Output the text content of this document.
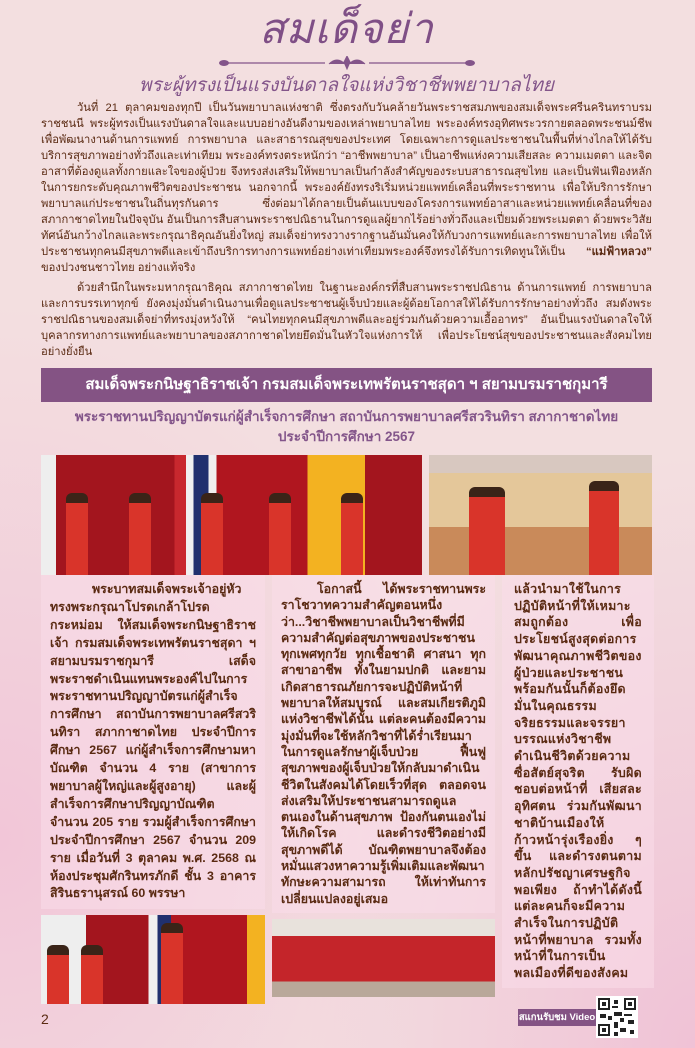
สมเด็จย่า
พระผู้ทรงเป็นแรงบันดาลใจแห่งวิชาชีพพยาบาลไทย

วันที่ 21 ตุลาคมของทุกปี เป็นวันพยาบาลแห่งชาติ ซึ่งตรงกับวันคล้ายวันพระราชสมภพของสมเด็จพระศรีนครินทราบรมราชชนนี พระผู้ทรงเป็นแรงบันดาลใจและแบบอย่างอันดีงามของเหล่าพยาบาลไทย พระองค์ทรงอุทิศพระวรกายตลอดพระชนม์ชีพ เพื่อพัฒนางานด้านการแพทย์ การพยาบาล และสาธารณสุขของประเทศ โดยเฉพาะการดูแลประชาชนในพื้นที่ห่างไกลให้ได้รับบริการสุขภาพอย่างทั่วถึงและเท่าเทียม พระองค์ทรงตระหนักว่า “อาชีพพยาบาล” เป็นอาชีพแห่งความเสียสละ ความเมตตา และจิตอาสาที่ต้องดูแลทั้งกายและใจของผู้ป่วย จึงทรงส่งเสริมให้พยาบาลเป็นกำลังสำคัญของระบบสาธารณสุขไทย และเป็นฟันเฟืองหลักในการยกระดับคุณภาพชีวิตของประชาชน นอกจากนี้ พระองค์ยังทรงริเริ่มหน่วยแพทย์เคลื่อนที่พระราชทาน เพื่อให้บริการรักษาพยาบาลแก่ประชาชนในถิ่นทุรกันดาร ซึ่งต่อมาได้กลายเป็นต้นแบบของโครงการแพทย์อาสาและหน่วยแพทย์เคลื่อนที่ของสภากาชาดไทยในปัจจุบัน อันเป็นการสืบสานพระราชปณิธานในการดูแลผู้ยากไร้อย่างทั่วถึงและเปี่ยมด้วยพระเมตตา ด้วยพระวิสัยทัศน์อันกว้างไกลและพระกรุณาธิคุณอันยิ่งใหญ่ สมเด็จย่าทรงวางรากฐานอันมั่นคงให้กับวงการแพทย์และการพยาบาลไทย เพื่อให้ประชาชนทุกคนมีสุขภาพดีและเข้าถึงบริการทางการแพทย์อย่างเท่าเทียมพระองค์จึงทรงได้รับการเทิดทูนให้เป็น “แม่ฟ้าหลวง” ของปวงชนชาวไทย อย่างแท้จริง

ด้วยสำนึกในพระมหากรุณาธิคุณ สภากาชาดไทย ในฐานะองค์กรที่สืบสานพระราชปณิธาน ด้านการแพทย์ การพยาบาล และการบรรเทาทุกข์ ยังคงมุ่งมั่นดำเนินงานเพื่อดูแลประชาชนผู้เจ็บป่วยและผู้ด้อยโอกาสให้ได้รับการรักษาอย่างทั่วถึง สมดังพระราชปณิธานของสมเด็จย่าที่ทรงมุ่งหวังให้ “คนไทยทุกคนมีสุขภาพดีและอยู่ร่วมกันด้วยความเอื้ออาทร” อันเป็นแรงบันดาลใจให้บุคลากรทางการแพทย์และพยาบาลของสภากาชาดไทยยึดมั่นในหัวใจแห่งการให้ เพื่อประโยชน์สุขของประชาชนและสังคมไทยอย่างยั่งยืน

สมเด็จพระกนิษฐาธิราชเจ้า กรมสมเด็จพระเทพรัตนราชสุดา ฯ สยามบรมราชกุมารี
พระราชทานปริญญาบัตรแก่ผู้สำเร็จการศึกษา สถาบันการพยาบาลศรีสวรินทิรา สภากาชาดไทย
ประจำปีการศึกษา 2567

พระบาทสมเด็จพระเจ้าอยู่หัว ทรงพระกรุณาโปรดเกล้าโปรดกระหม่อม ให้สมเด็จพระกนิษฐาธิราชเจ้า กรมสมเด็จพระเทพรัตนราชสุดา ฯ สยามบรมราชกุมารี เสด็จพระราชดำเนินแทนพระองค์ไปในการพระราชทานปริญญาบัตรแก่ผู้สำเร็จการศึกษา สถาบันการพยาบาลศรีสวรินทิรา สภากาชาดไทย ประจำปีการศึกษา 2567 แก่ผู้สำเร็จการศึกษามหาบัณฑิต จำนวน 4 ราย (สาขาการพยาบาลผู้ใหญ่และผู้สูงอายุ) และผู้สำเร็จการศึกษาปริญญาบัณฑิต จำนวน 205 ราย รวมผู้สำเร็จการศึกษาประจำปีการศึกษา 2567 จำนวน 209 ราย เมื่อวันที่ 3 ตุลาคม พ.ศ. 2568 ณ ห้องประชุมศักรินทรภักดี ชั้น 3 อาคารสิรินธรานุสรณ์ 60 พรรษา

2

โอกาสนี้ ได้พระราชทานพระราโชวาทความสำคัญตอนหนึ่งว่า...วิชาชีพพยาบาลเป็นวิชาชีพที่มีความสำคัญต่อสุขภาพของประชาชนทุกเพศทุกวัย ทุกเชื้อชาติ ศาสนา ทุกสาขาอาชีพ ทั้งในยามปกติ และยามเกิดสาธารณภัยการจะปฏิบัติหน้าที่พยาบาลให้สมบูรณ์ และสมเกียรติภูมิแห่งวิชาชีพได้นั้น แต่ละคนต้องมีความมุ่งมั่นที่จะใช้หลักวิชาที่ได้ร่ำเรียนมา ในการดูแลรักษาผู้เจ็บป่วย ฟื้นฟูสุขภาพของผู้เจ็บป่วยให้กลับมาดำเนินชีวิตในสังคมได้โดยเร็วที่สุด ตลอดจนส่งเสริมให้ประชาชนสามารถดูแลตนเองในด้านสุขภาพ ป้องกันตนเองไม่ให้เกิดโรค และดำรงชีวิตอย่างมีสุขภาพดีได้ บัณฑิตพยาบาลจึงต้องหมั่นแสวงหาความรู้เพิ่มเติมและพัฒนาทักษะความสามารถ ให้เท่าทันการเปลี่ยนแปลงอยู่เสมอ

แล้วนำมาใช้ในการปฏิบัติหน้าที่ให้เหมาะสมถูกต้อง เพื่อประโยชน์สูงสุดต่อการพัฒนาคุณภาพชีวิตของผู้ป่วยและประชาชน พร้อมกันนั้นก็ต้องยึดมั่นในคุณธรรมจริยธรรมและจรรยาบรรณแห่งวิชาชีพ ดำเนินชีวิตด้วยความซื่อสัตย์สุจริต รับผิดชอบต่อหน้าที่ เสียสละ อุทิศตน ร่วมกันพัฒนาชาติบ้านเมืองให้ก้าวหน้ารุ่งเรืองยิ่ง ๆ ขึ้น และดำรงตนตามหลักปรัชญาเศรษฐกิจพอเพียง ถ้าทำได้ดังนี้แต่ละคนก็จะมีความสำเร็จในการปฏิบัติหน้าที่พยาบาล รวมทั้งหน้าที่ในการเป็นพลเมืองที่ดีของสังคม

สแกนรับชม Video
